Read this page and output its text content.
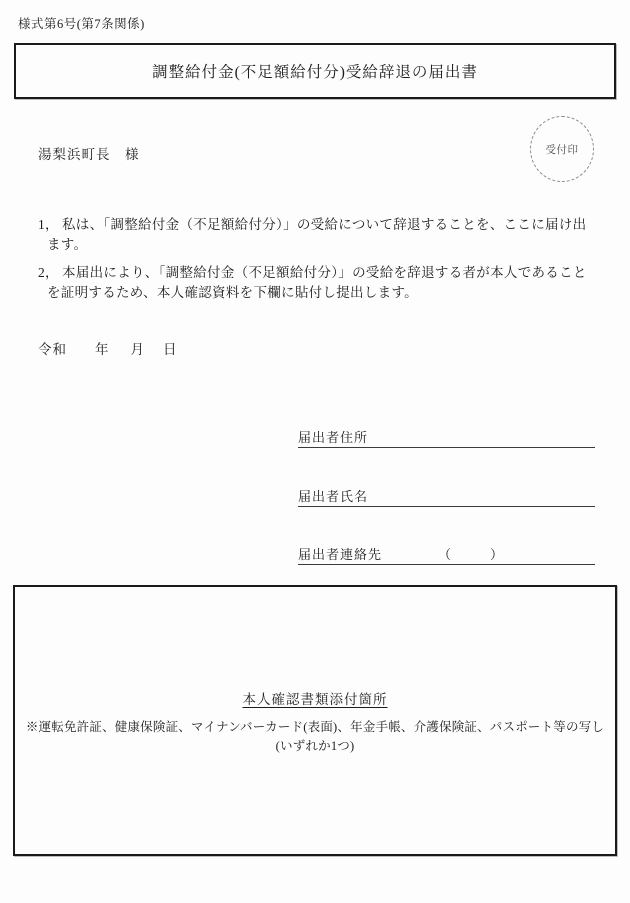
様式第6号(第7条関係)
調整給付金(不足額給付分)受給辞退の届出書
湯梨浜町長　様	受付印
1， 私は、「調整給付金（不足額給付分）」の受給について辞退することを、ここに届け出
ます。
2， 本届出により、「調整給付金（不足額給付分）」の受給を辞退する者が本人であること
を証明するため、本人確認資料を下欄に貼付し提出します。
令和 年 月 日
届出者住所
届出者氏名
届出者連絡先	（　　　）
本人確認書類添付箇所
※運転免許証、健康保険証、マイナンバーカード(表面)、年金手帳、介護保険証、パスポート等の写し
(いずれか1つ)
